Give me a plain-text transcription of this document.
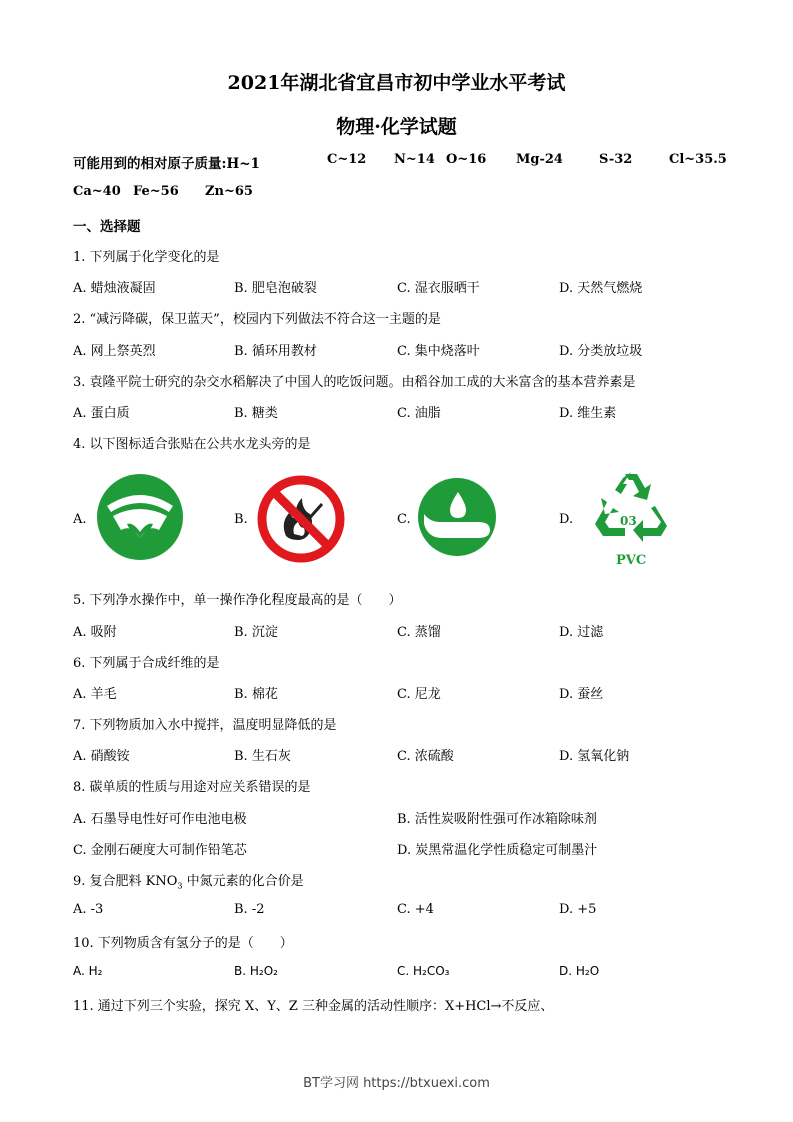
2021年湖北省宜昌市初中学业水平考试
物理·化学试题
可能用到的相对原子质量:H~1	C~12 N~14 O~16 Mg-24	S-32	Cl~35.5
Ca~40 Fe~56 Zn~65
一、选择题
1. 下列属于化学变化的是
A. 蜡烛液凝固	B. 肥皂泡破裂	C. 湿衣服晒干	D. 天然气燃烧
2. “减污降碳，保卫蓝天”，校园内下列做法不符合这一主题的是
A. 网上祭英烈	B. 循环用教材	C. 集中烧落叶	D. 分类放垃圾
3. 袁隆平院士研究的杂交水稻解决了中国人的吃饭问题。由稻谷加工成的大米富含的基本营养素是
A. 蛋白质	B. 糖类	C. 油脂	D. 维生素
4. 以下图标适合张贴在公共水龙头旁的是
A.	B.	C.	D.	03
PVC
5. 下列净水操作中，单一操作净化程度最高的是（　　）
A. 吸附	B. 沉淀	C. 蒸馏	D. 过滤
6. 下列属于合成纤维的是
A. 羊毛	B. 棉花	C. 尼龙	D. 蚕丝
7. 下列物质加入水中搅拌，温度明显降低的是
A. 硝酸铵	B. 生石灰	C. 浓硫酸	D. 氢氧化钠
8. 碳单质的性质与用途对应关系错误的是
A. 石墨导电性好可作电池电极	B. 活性炭吸附性强可作冰箱除味剂
C. 金刚石硬度大可制作铅笔芯	D. 炭黑常温化学性质稳定可制墨汁
9. 复合肥料 $KNO_3$ 中氮元素的化合价是
A. -3	B. -2	C. +4	D. +5
10. 下列物质含有氢分子的是（　　）
A. H₂	B. H₂O₂	C. H₂CO₃	D. H₂O
11. 通过下列三个实验，探究 X、Y、Z 三种金属的活动性顺序：X+HCl→不反应、
BT学习网 https://btxuexi.com
